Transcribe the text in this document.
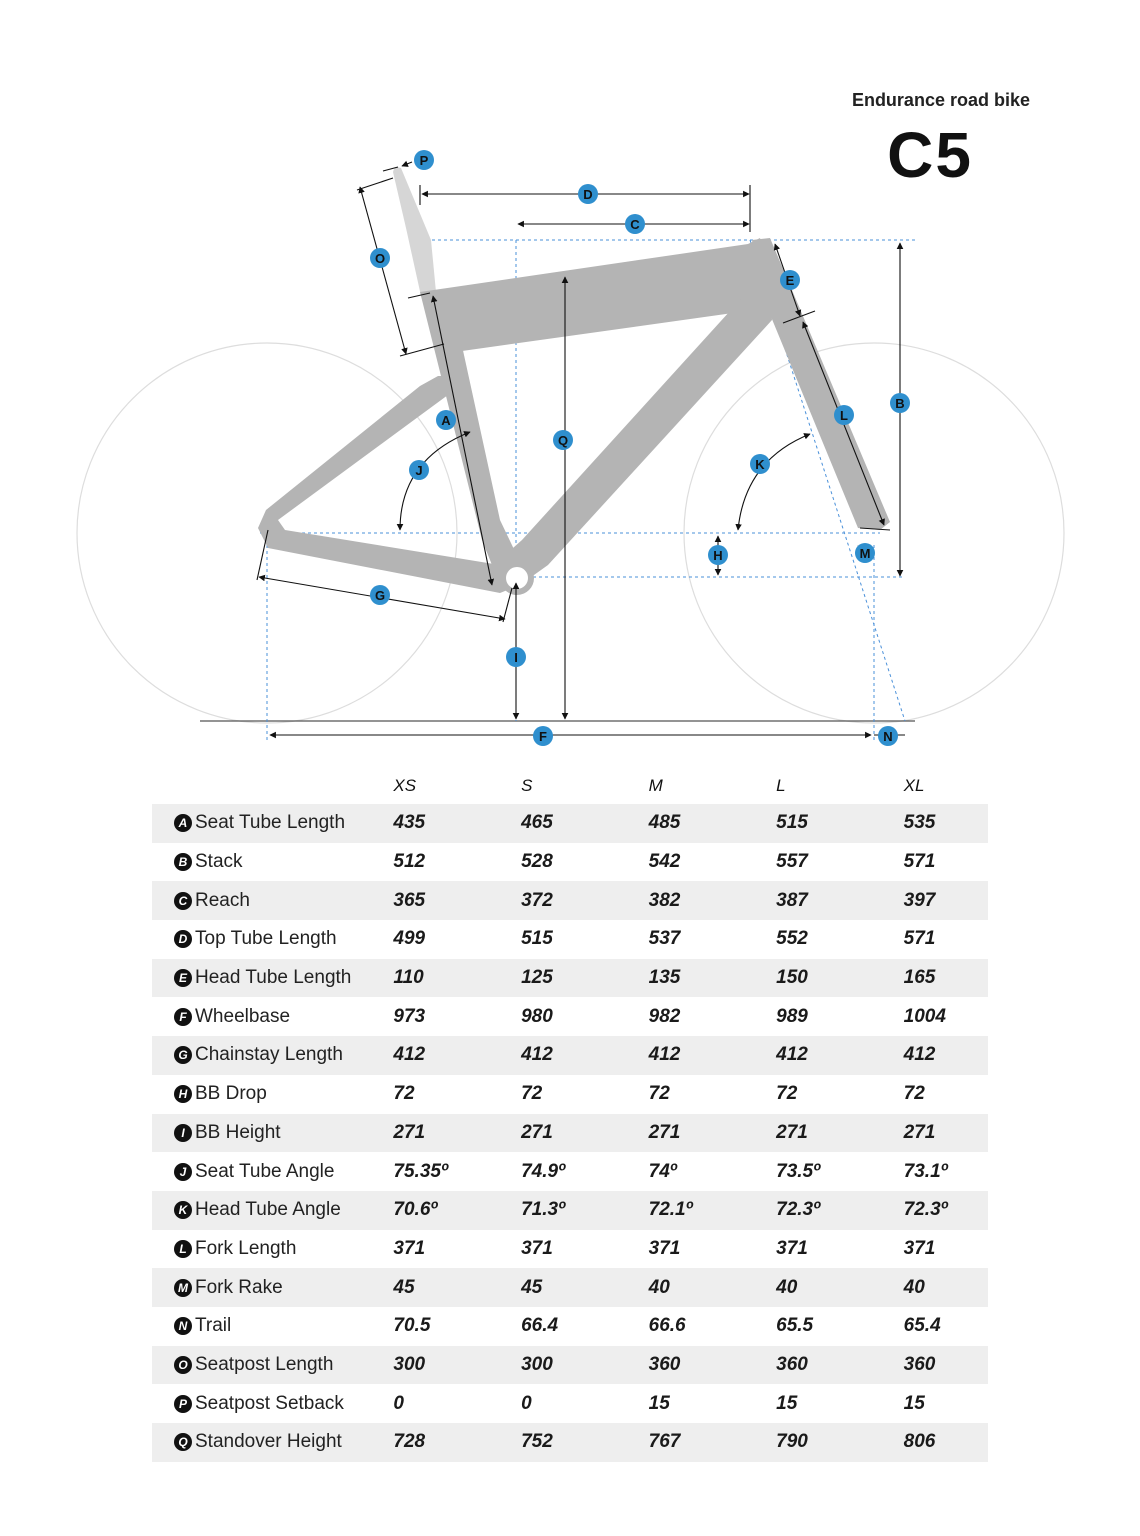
Endurance road bike
C5
A
B
C
D
E
F
G
H
I
J	K
L
M
N
O
P
Q
	XS	S	M	L	XL
A Seat Tube Length	435	465	485	515	535
B Stack	512	528	542	557	571
C Reach	365	372	382	387	397
D Top Tube Length	499	515	537	552	571
E Head Tube Length	110	125	135	150	165
F Wheelbase	973	980	982	989	1004
G Chainstay Length	412	412	412	412	412
H BB Drop	72	72	72	72	72
I BB Height	271	271	271	271	271
J Seat Tube Angle	75.35º	74.9º	74º	73.5º	73.1º
K Head Tube Angle	70.6º	71.3º	72.1º	72.3º	72.3º
L Fork Length	371	371	371	371	371
M Fork Rake	45	45	40	40	40
N Trail	70.5	66.4	66.6	65.5	65.4
O Seatpost Length	300	300	360	360	360
P Seatpost Setback	0	0	15	15	15
Q Standover Height	728	752	767	790	806
